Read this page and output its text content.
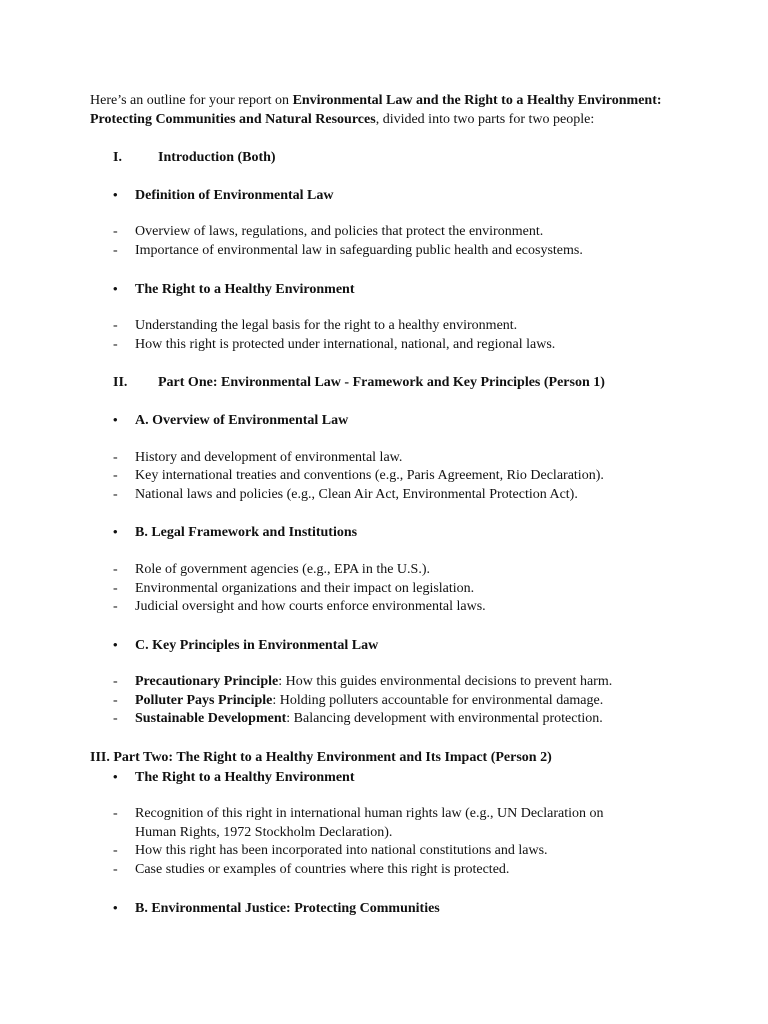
Here’s an outline for your report on Environmental Law and the Right to a Healthy Environment: Protecting Communities and Natural Resources, divided into two parts for two people:
I.	Introduction (Both)
• Definition of Environmental Law
-	Overview of laws, regulations, and policies that protect the environment.
-	Importance of environmental law in safeguarding public health and ecosystems.
• The Right to a Healthy Environment
-	Understanding the legal basis for the right to a healthy environment.
-	How this right is protected under international, national, and regional laws.
II. Part One: Environmental Law - Framework and Key Principles (Person 1)
• A. Overview of Environmental Law
-	History and development of environmental law.
-	Key international treaties and conventions (e.g., Paris Agreement, Rio Declaration).
-	National laws and policies (e.g., Clean Air Act, Environmental Protection Act).
• B. Legal Framework and Institutions
-	Role of government agencies (e.g., EPA in the U.S.).
-	Environmental organizations and their impact on legislation.
-	Judicial oversight and how courts enforce environmental laws.
• C. Key Principles in Environmental Law
-	Precautionary Principle: How this guides environmental decisions to prevent harm.
-	Polluter Pays Principle: Holding polluters accountable for environmental damage.
-	Sustainable Development: Balancing development with environmental protection.
III. Part Two: The Right to a Healthy Environment and Its Impact (Person 2)
• The Right to a Healthy Environment
-	Recognition of this right in international human rights law (e.g., UN Declaration on Human Rights, 1972 Stockholm Declaration).
-	How this right has been incorporated into national constitutions and laws.
-	Case studies or examples of countries where this right is protected.
• B. Environmental Justice: Protecting Communities
